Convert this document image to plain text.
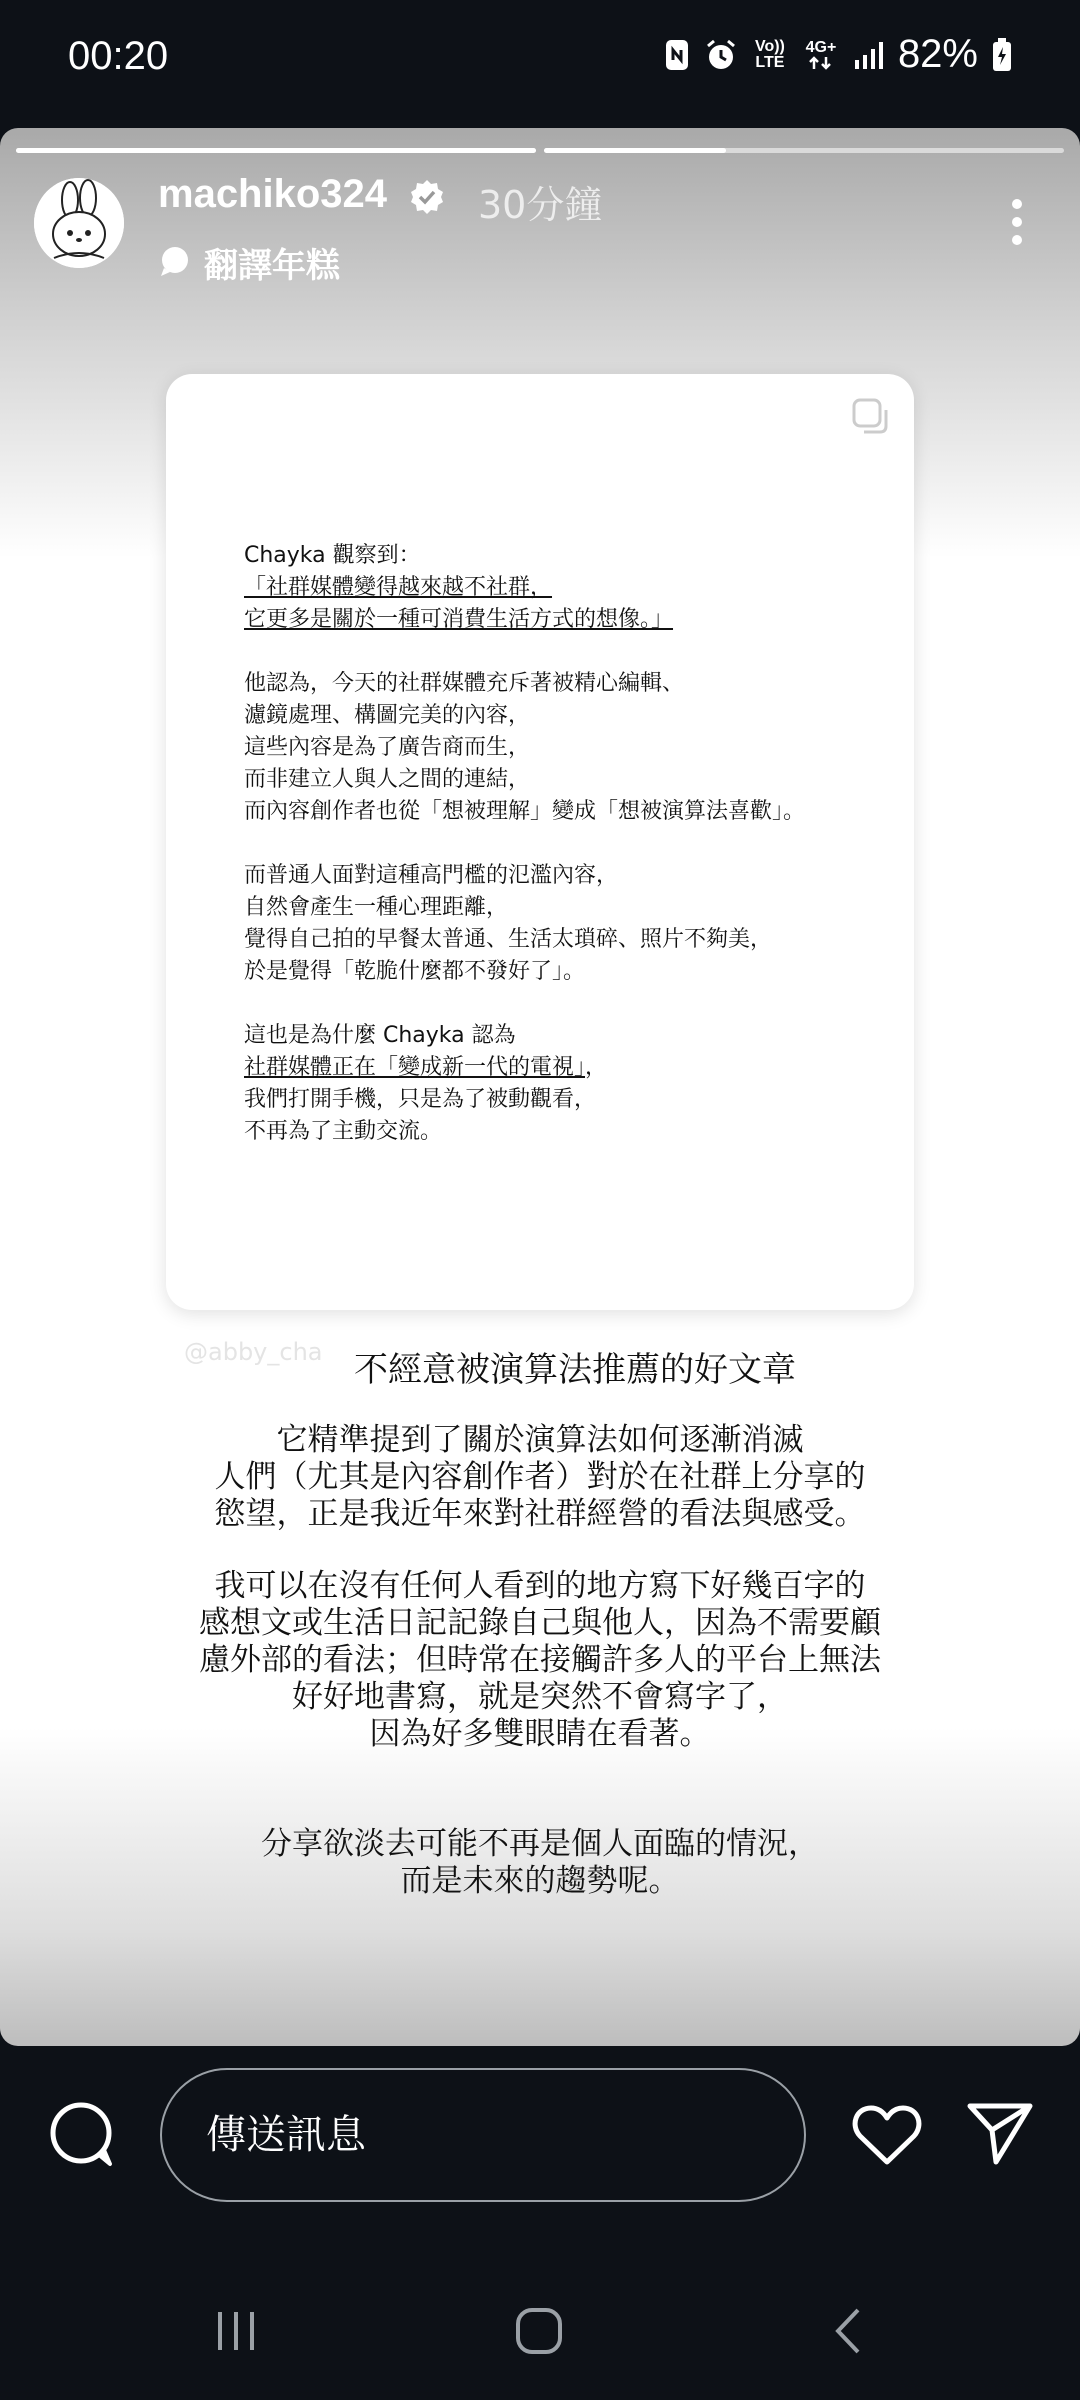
00:20	Vo)) LTE
4G+ 82%
machiko324 30分鐘
翻譯年糕

Chayka 觀察到：

「社群媒體變得越來越不社群，

它更多是關於一種可消費生活方式的想像。」

他認為，今天的社群媒體充斥著被精心編輯、

濾鏡處理、構圖完美的內容，

這些內容是為了廣告商而生，

而非建立人與人之間的連結，

而內容創作者也從「想被理解」變成「想被演算法喜歡」。

而普通人面對這種高門檻的氾濫內容，

自然會產生一種心理距離，

覺得自己拍的早餐太普通、生活太瑣碎、照片不夠美，

於是覺得「乾脆什麼都不發好了」。

這也是為什麼 Chayka 認為

社群媒體正在「變成新一代的電視」，

我們打開手機，只是為了被動觀看，

不再為了主動交流。

@abby_cha 不經意被演算法推薦的好文章

它精準提到了關於演算法如何逐漸消滅

人們（尤其是內容創作者）對於在社群上分享的

慾望，正是我近年來對社群經營的看法與感受。

我可以在沒有任何人看到的地方寫下好幾百字的

感想文或生活日記記錄自己與他人，因為不需要顧

慮外部的看法；但時常在接觸許多人的平台上無法

好好地書寫，就是突然不會寫字了，

因為好多雙眼睛在看著。

分享欲淡去可能不再是個人面臨的情況，

而是未來的趨勢呢。

傳送訊息
